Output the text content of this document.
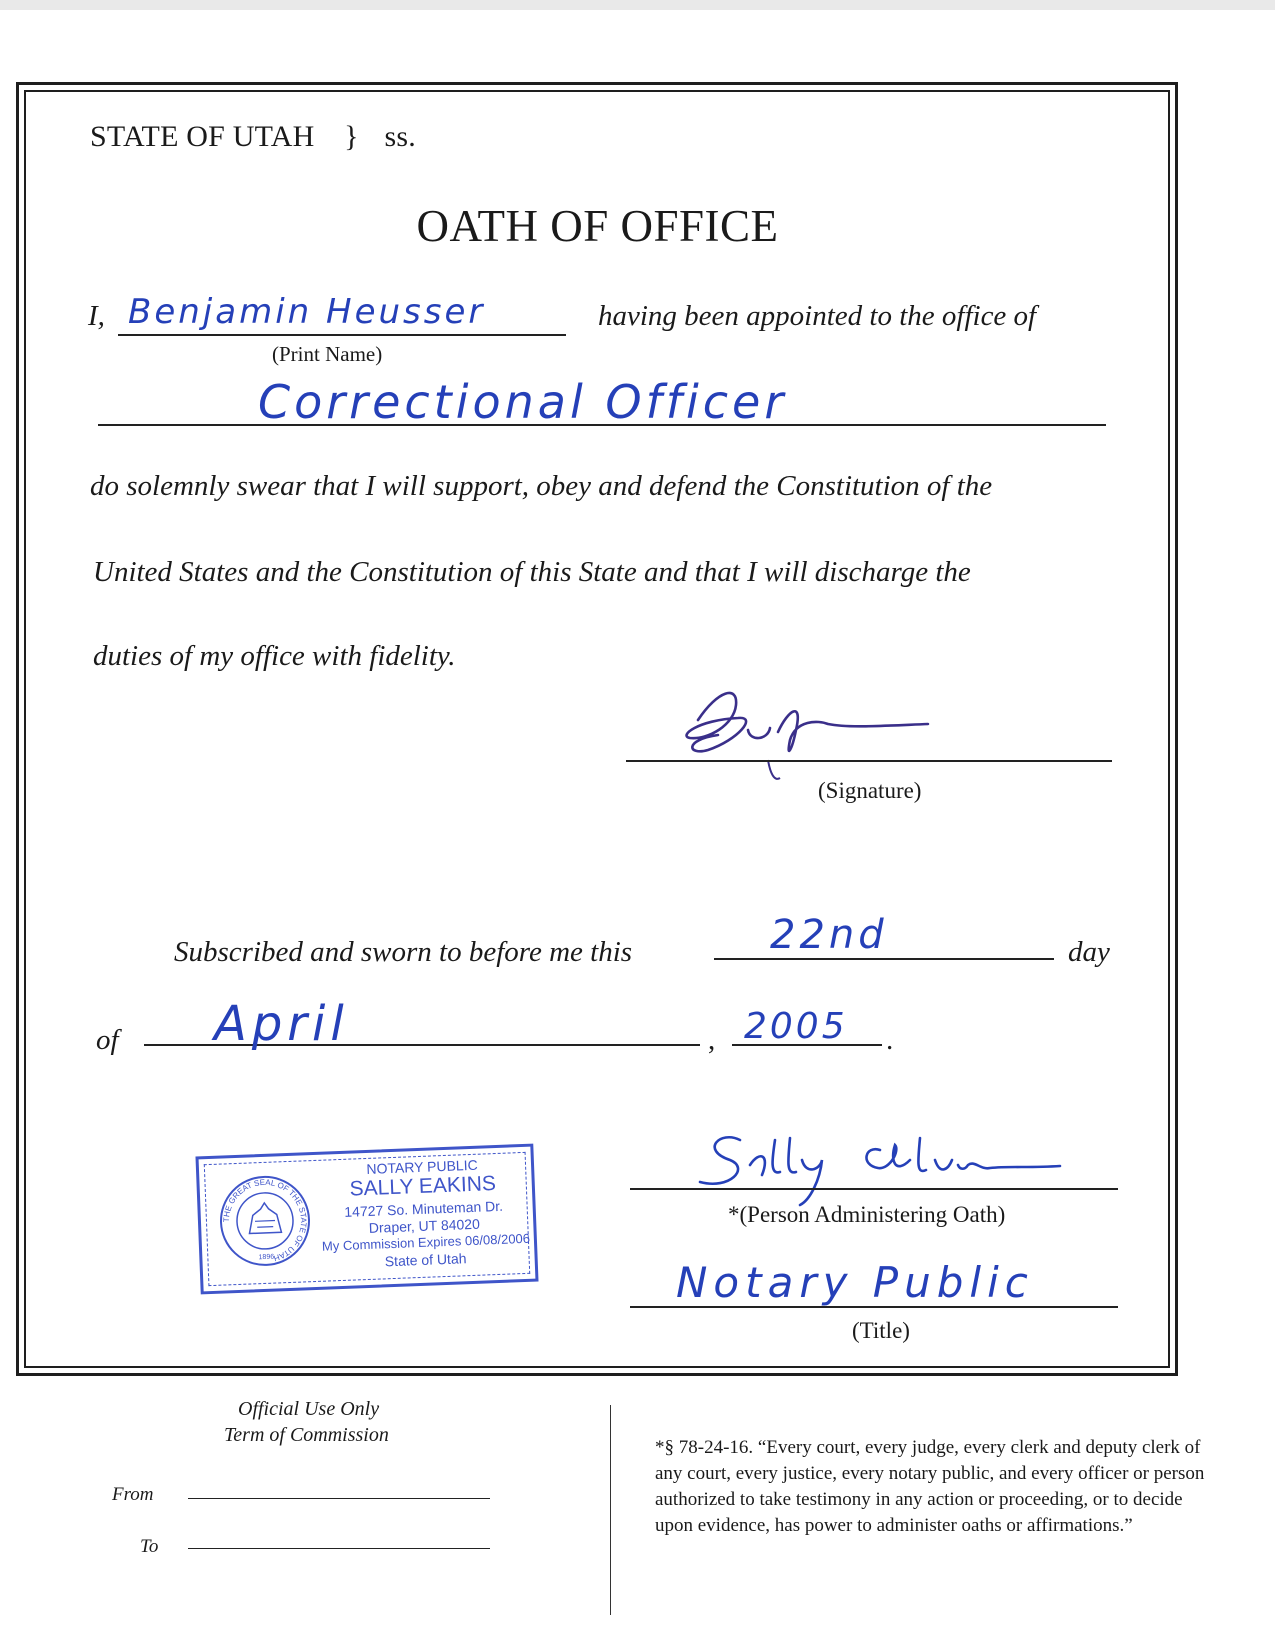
STATE OF UTAH } ss.
OATH OF OFFICE
I, Benjamin Heusser
(Print Name)
having been appointed to the office of
Correctional Officer
do solemnly swear that I will support, obey and defend the Constitution of the
United States and the Constitution of this State and that I will discharge the
duties of my office with fidelity.
(Signature)
Subscribed and sworn to before me this	22nd	day
of April	, 2005 .
THE GREAT SEAL OF THE STATE OF UTAH
1896
NOTARY PUBLIC
SALLY EAKINS
14727 So. Minuteman Dr.
Draper, UT 84020
My Commission Expires 06/08/2006
State of Utah
*(Person Administering Oath)
Notary Public
(Title)
Official Use Only
Term of Commission
From
To
*§ 78-24-16. “Every court, every judge, every clerk and deputy clerk of any court, every justice, every notary public, and every officer or person authorized to take testimony in any action or proceeding, or to decide upon evidence, has power to administer oaths or affirmations.”
